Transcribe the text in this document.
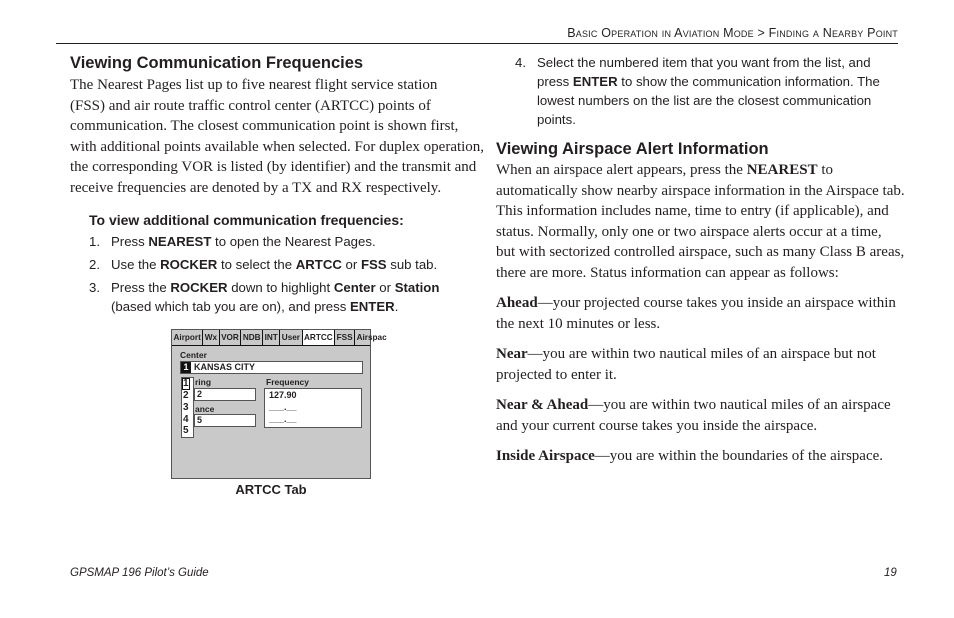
Basic Operation in Aviation Mode > Finding a Nearby Point
Viewing Communication Frequencies

The Nearest Pages list up to five nearest flight service station

(FSS) and air route traffic control center (ARTCC) points of

communication. The closest communication point is shown first,

with additional points available when selected. For duplex operation,

the corresponding VOR is listed (by identifier) and the transmit and

receive frequencies are denoted by a TX and RX respectively.

To view additional communication frequencies:
1. Press NEAREST to open the Nearest Pages.
2. Use the ROCKER to select the ARTCC or FSS sub tab.
3. Press the ROCKER down to highlight Center or Station
(based which tab you are on), and press ENTER.
Airport Wx VOR NDB INT User ARTCC FSS Airspac
Center
1 KANSAS CITY
1
2
3
4
5
ring
2
ance
5
Frequency
127.90
___.__
___.__
ARTCC Tab
4. Select the numbered item that you want from the list, and
press ENTER to show the communication information. The
lowest numbers on the list are the closest communication
points.
Viewing Airspace Alert Information

When an airspace alert appears, press the NEAREST to

automatically show nearby airspace information in the Airspace tab.

This information includes name, time to entry (if applicable), and

status. Normally, only one or two airspace alerts occur at a time,

but with sectorized controlled airspace, such as many Class B areas,

there are more. Status information can appear as follows:

Ahead—your projected course takes you inside an airspace within

the next 10 minutes or less.

Near—you are within two nautical miles of an airspace but not

projected to enter it.

Near & Ahead—you are within two nautical miles of an airspace

and your current course takes you inside the airspace.

Inside Airspace—you are within the boundaries of the airspace.

GPSMAP 196 Pilot’s Guide	19
